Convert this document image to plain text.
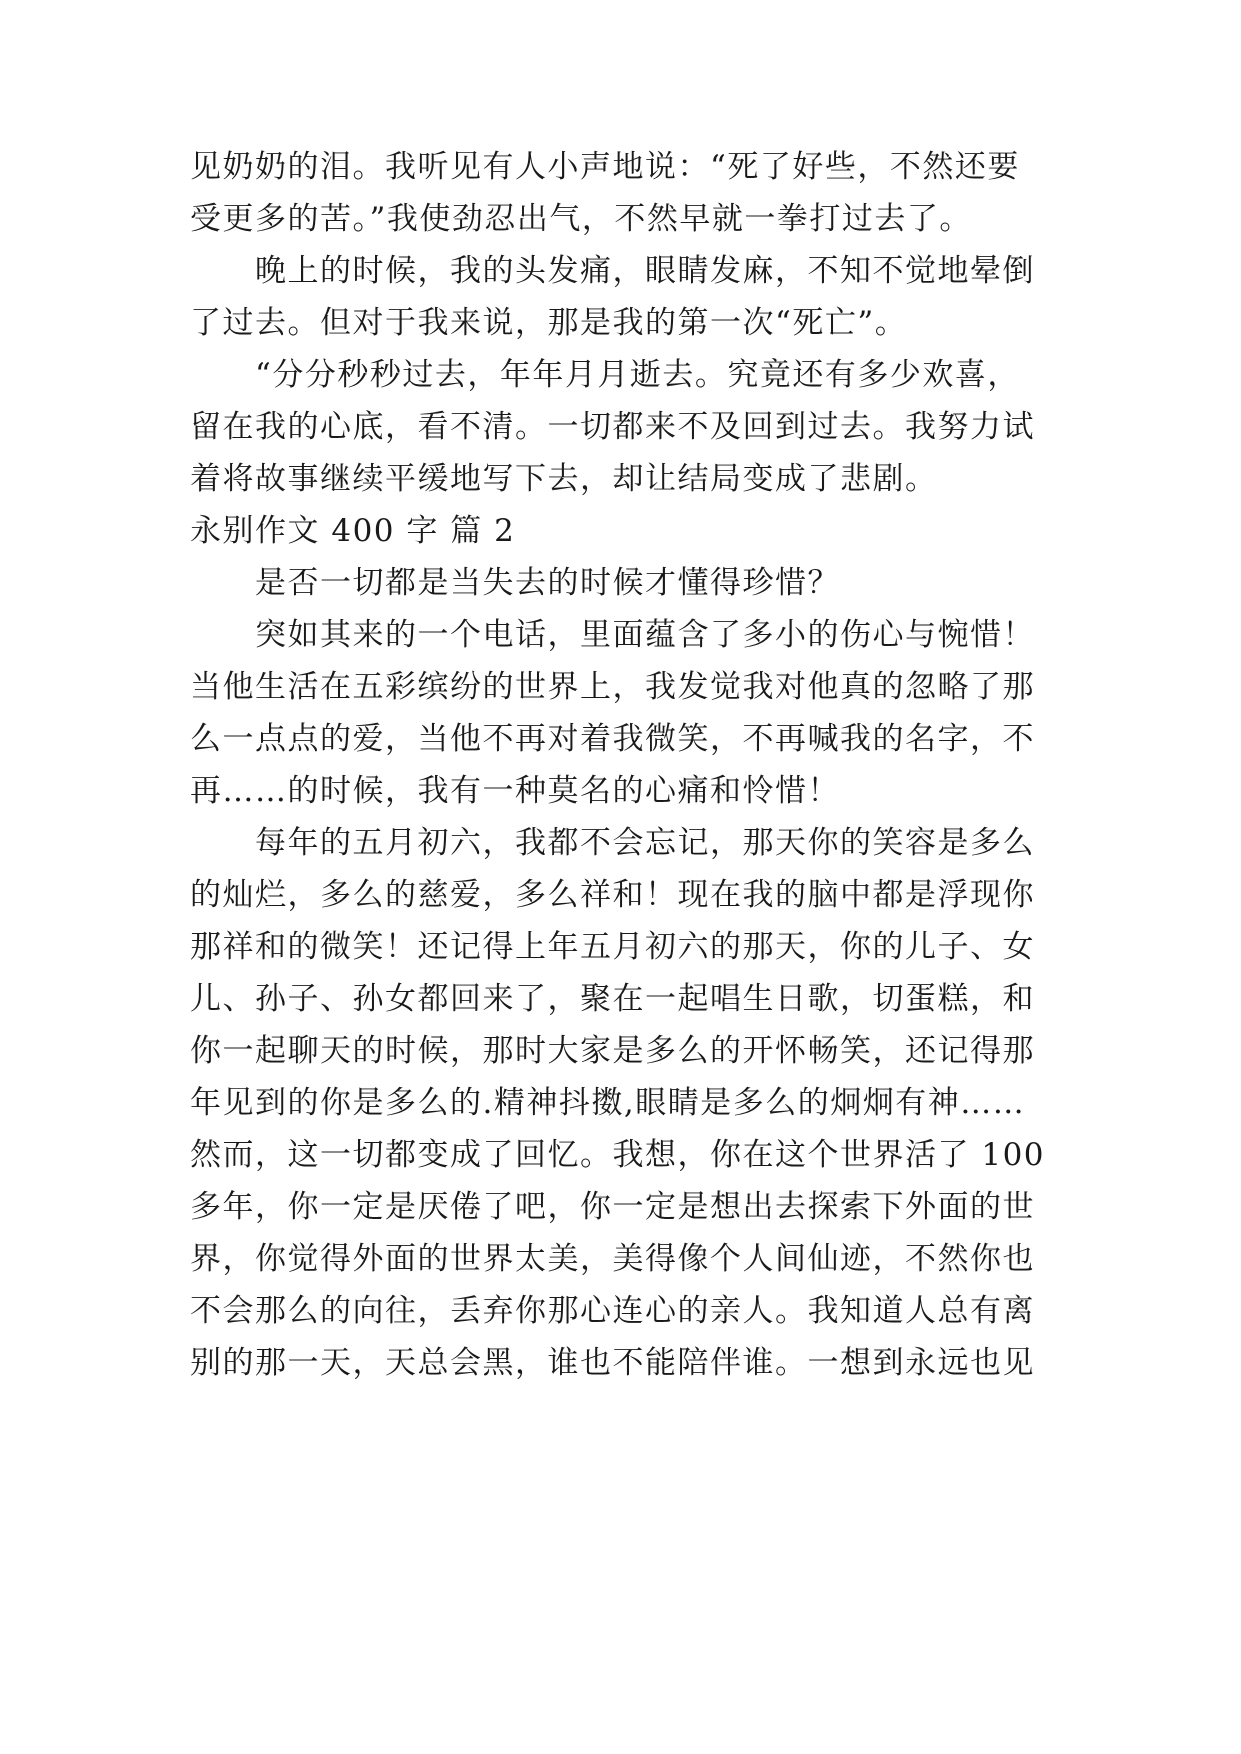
见奶奶的泪。我听见有人小声地说：“死了好些，不然还要
受更多的苦。”我使劲忍出气，不然早就一拳打过去了。
　　晚上的时候，我的头发痛，眼睛发麻，不知不觉地晕倒
了过去。但对于我来说，那是我的第一次“死亡”。
　　“分分秒秒过去，年年月月逝去。究竟还有多少欢喜，
留在我的心底，看不清。一切都来不及回到过去。我努力试
着将故事继续平缓地写下去，却让结局变成了悲剧。
永别作文 400 字 篇 2
　　是否一切都是当失去的时候才懂得珍惜？
　　突如其来的一个电话，里面蕴含了多小的伤心与惋惜！
当他生活在五彩缤纷的世界上，我发觉我对他真的忽略了那
么一点点的爱，当他不再对着我微笑，不再喊我的名字，不
再……的时候，我有一种莫名的心痛和怜惜！
　　每年的五月初六，我都不会忘记，那天你的笑容是多么
的灿烂，多么的慈爱，多么祥和！现在我的脑中都是浮现你
那祥和的微笑！还记得上年五月初六的那天，你的儿子、女
儿、孙子、孙女都回来了，聚在一起唱生日歌，切蛋糕，和
你一起聊天的时候，那时大家是多么的开怀畅笑，还记得那
年见到的你是多么的.精神抖擞,眼睛是多么的炯炯有神……
然而，这一切都变成了回忆。我想，你在这个世界活了 100
多年，你一定是厌倦了吧，你一定是想出去探索下外面的世
界，你觉得外面的世界太美，美得像个人间仙迹，不然你也
不会那么的向往，丢弃你那心连心的亲人。我知道人总有离
别的那一天，天总会黑，谁也不能陪伴谁。一想到永远也见
